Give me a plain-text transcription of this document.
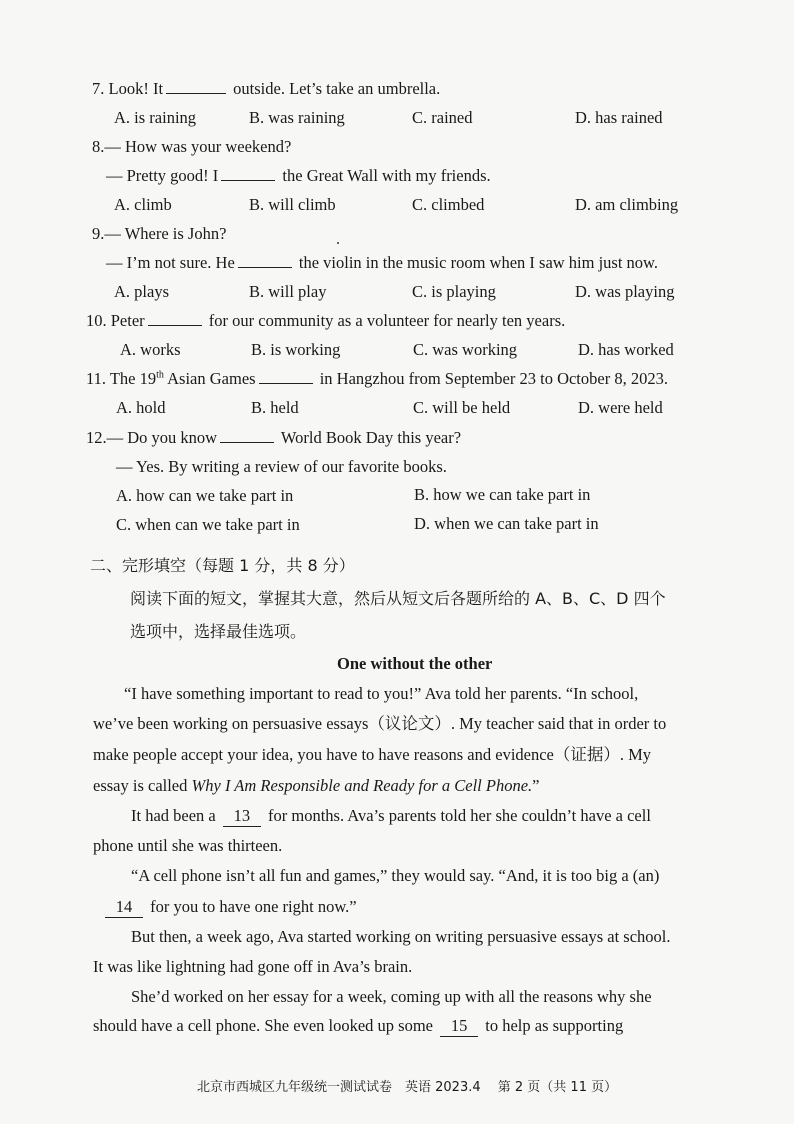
7. Look! It	outside. Let’s take an umbrella.
A. is raining	B. was raining	C. rained	D. has rained
8.— How was your weekend?
— Pretty good! I	the Great Wall with my friends.
A. climb	B. will climb	C. climbed	D. am climbing
9.— Where is John?
— I’m not sure. He	the violin in the music room when I saw him just now.
A. plays	B. will play	C. is playing	D. was playing
10. Peter	for our community as a volunteer for nearly ten years.
A. works	B. is working	C. was working	D. has worked
11. The 19th Asian Games	in Hangzhou from September 23 to October 8, 2023.
A. hold	B. held	C. will be held	D. were held
12.— Do you know	World Book Day this year?
— Yes. By writing a review of our favorite books.
A. how can we take part in	B. how we can take part in
C. when can we take part in	D. when we can take part in
二、完形填空（每题 1 分，共 8 分）
阅读下面的短文，掌握其大意，然后从短文后各题所给的 A、B、C、D 四个
选项中，选择最佳选项。
One without the other
“I have something important to read to you!” Ava told her parents. “In school,
we’ve been working on persuasive essays（议论文）. My teacher said that in order to
make people accept your idea, you have to have reasons and evidence（证据）. My
essay is called Why I Am Responsible and Ready for a Cell Phone.”
It had been a 13 for months. Ava’s parents told her she couldn’t have a cell
phone until she was thirteen.
“A cell phone isn’t all fun and games,” they would say. “And, it is too big a (an)
14 for you to have one right now.”
But then, a week ago, Ava started working on writing persuasive essays at school.
It was like lightning had gone off in Ava’s brain.
She’d worked on her essay for a week, coming up with all the reasons why she
should have a cell phone. She even looked up some 15 to help as supporting
北京市西城区九年级统一测试试卷　英语 2023.4　 第 2 页（共 11 页）
